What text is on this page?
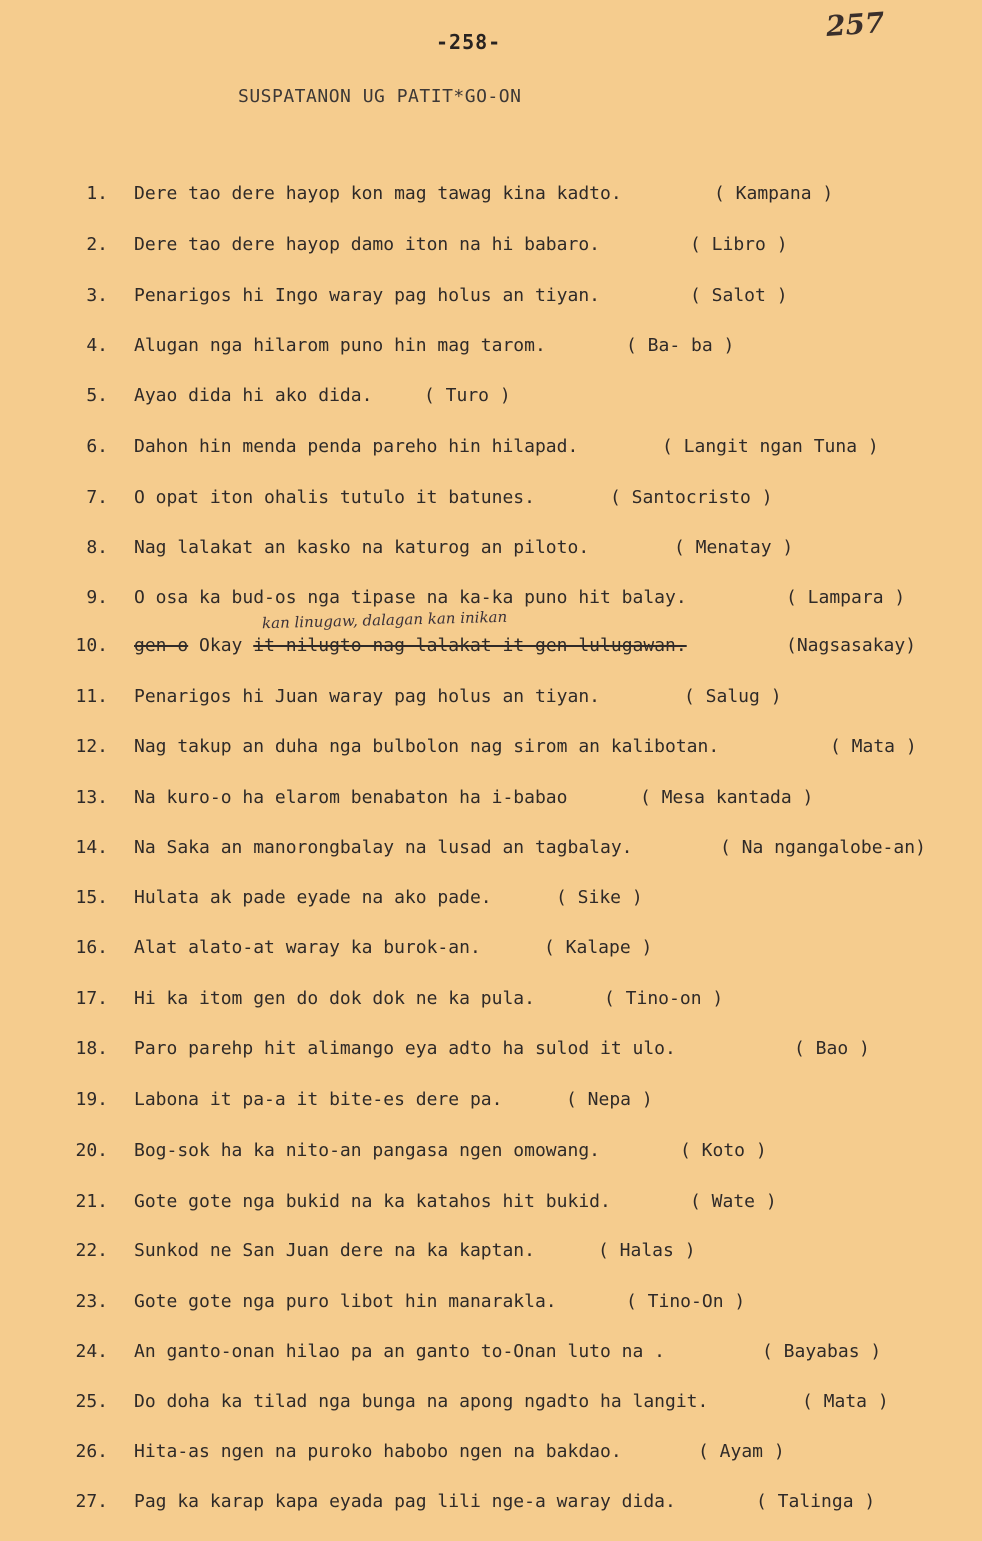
-258-	257
SUSPATANON UG PATIT*GO-ON
kan linugaw, dalagan kan inikan
1. Dere tao dere hayop kon mag tawag kina kadto.	( Kampana )
2. Dere tao dere hayop damo iton na hi babaro.	( Libro )
3. Penarigos hi Ingo waray pag holus an tiyan.	( Salot )
4. Alugan nga hilarom puno hin mag tarom.	( Ba- ba )
5. Ayao dida hi ako dida.	( Turo )
6. Dahon hin menda penda pareho hin hilapad.	( Langit ngan Tuna )
7. O opat iton ohalis tutulo it batunes.	( Santocristo )
8. Nag lalakat an kasko na katurog an piloto.	( Menatay )
9. O osa ka bud-os nga tipase na ka-ka puno hit balay.	( Lampara )
10. gen-o Okay it-nilugto nag lalakat it gen lulugawan.	(Nagsasakay)
11. Penarigos hi Juan waray pag holus an tiyan.	( Salug )
12. Nag takup an duha nga bulbolon nag sirom an kalibotan.	( Mata )
13. Na kuro-o ha elarom benabaton ha i-babao	( Mesa kantada )
14. Na Saka an manorongbalay na lusad an tagbalay.	( Na ngangalobe-an)
15. Hulata ak pade eyade na ako pade.	( Sike )
16. Alat alato-at waray ka burok-an.	( Kalape )
17. Hi ka itom gen do dok dok ne ka pula.	( Tino-on )
18. Paro parehp hit alimango eya adto ha sulod it ulo.	( Bao )
19. Labona it pa-a it bite-es dere pa.	( Nepa )
20. Bog-sok ha ka nito-an pangasa ngen omowang.	( Koto )
21. Gote gote nga bukid na ka katahos hit bukid.	( Wate )
22. Sunkod ne San Juan dere na ka kaptan.	( Halas )
23. Gote gote nga puro libot hin manarakla.	( Tino-On )
24. An ganto-onan hilao pa an ganto to-Onan luto na .	( Bayabas )
25. Do doha ka tilad nga bunga na apong ngadto ha langit.	( Mata )
26. Hita-as ngen na puroko habobo ngen na bakdao.	( Ayam )
27. Pag ka karap kapa eyada pag lili nge-a waray dida.	( Talinga )
